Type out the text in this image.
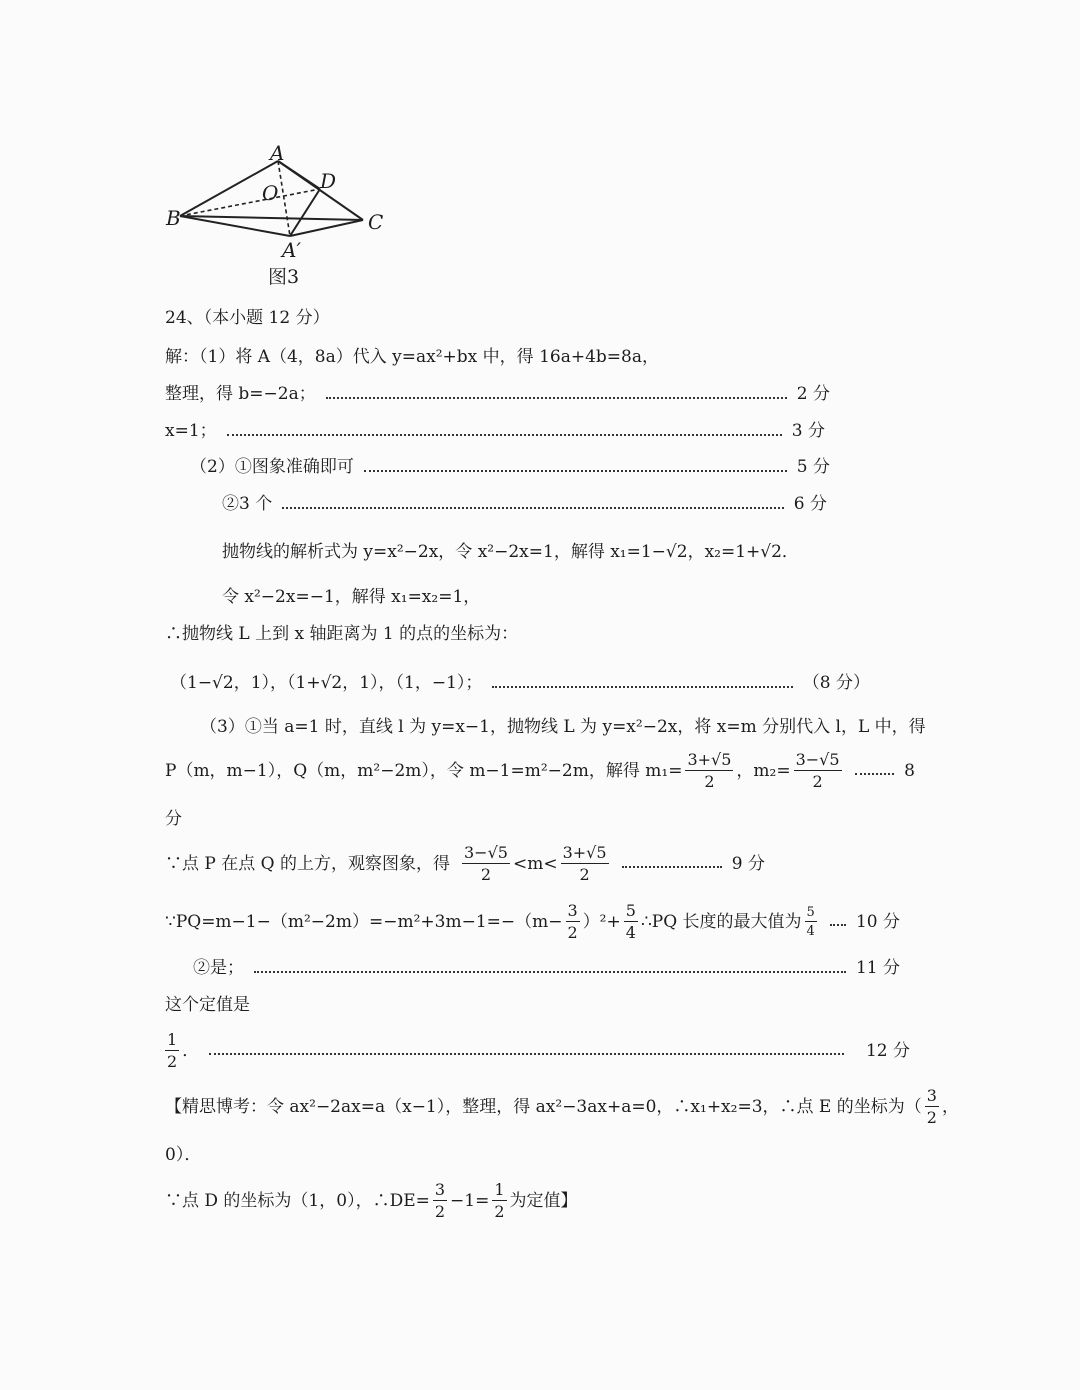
A
O D
B	C
A′
图3
24、（本小题 12 分）
解：（1）将 A（4，8a）代入 y=ax²+bx 中，得 16a+4b=8a，
整理，得 b=−2a；	2 分
x=1；	3 分
（2）①图象准确即可	5 分
②3 个	6 分
抛物线的解析式为 y=x²−2x，令 x²−2x=1，解得 x₁=1−√2，x₂=1+√2．
令 x²−2x=−1，解得 x₁=x₂=1，
∴抛物线 L 上到 x 轴距离为 1 的点的坐标为：
（1−√2，1），（1+√2，1），（1，−1）；	（8 分）
（3）①当 a=1 时，直线 l 为 y=x−1，抛物线 L 为 y=x²−2x，将 x=m 分别代入 l，L 中，得
P（m，m−1），Q（m，m²−2m），令 m−1=m²−2m，解得 $m_1= \frac{3+√5}{2}$ ，$m_2= \frac{3-√5}{2}$	8
分
∵点 P 在点 Q 的上方，观察图象，得 $\frac{3-√5}{2} <m< \frac{3+√5}{2}$	9 分
∵PQ=m−1−（m²−2m）=−m²+3m−1=−（m− $\frac{3}{2} )^2+ \frac{5}{4}$ ∴PQ 长度的最大值为 $\frac{5}{4} 10$ 分
②是；	11 分
这个定值是
$\frac{1}{2}$ ．	12 分
【精思博考：令 ax²−2ax=a（x−1），整理，得 ax²−3ax+a=0，∴x₁+x₂=3，∴点 E 的坐标为（ $\frac{3}{2}$ ，
0）．
∵点 D 的坐标为（1，0），∴DE= $\frac{3}{2} -1= \frac{1}{2}$ 为定值】
